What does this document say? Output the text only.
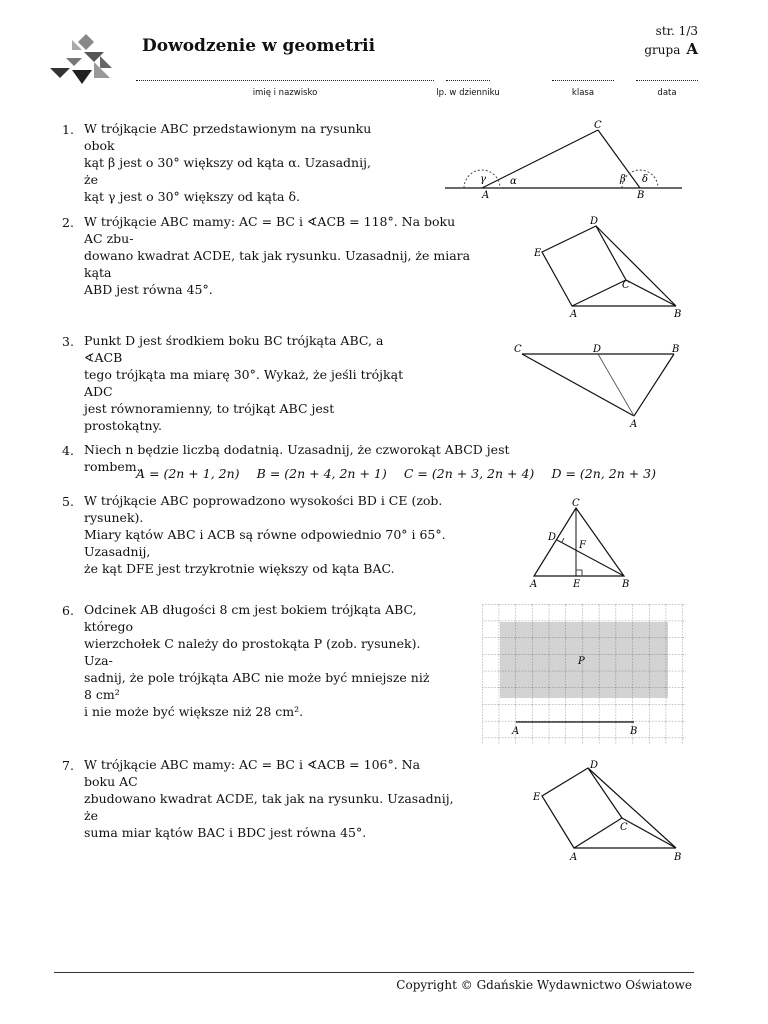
Dowodzenie w geometrii
str. 1/3
grupa A
imię i nazwisko	lp. w dzienniku	klasa	data
1. W trójkącie ABC przedstawionym na rysunku obok
kąt β jest o 30° większy od kąta α. Uzasadnij, że
kąt γ jest o 30° większy od kąta δ.
2. W trójkącie ABC mamy: AC = BC i ∢ACB = 118°. Na boku AC zbu-
dowano kwadrat ACDE, tak jak rysunku. Uzasadnij, że miara kąta
ABD jest równa 45°.
3. Punkt D jest środkiem boku BC trójkąta ABC, a ∢ACB
tego trójkąta ma miarę 30°. Wykaż, że jeśli trójkąt ADC
jest równoramienny, to trójkąt ABC jest prostokątny.
4. Niech n będzie liczbą dodatnią. Uzasadnij, że czworokąt ABCD jest rombem.
A = (2n + 1, 2n) B = (2n + 4, 2n + 1) C = (2n + 3, 2n + 4) D = (2n, 2n + 3)
5. W trójkącie ABC poprowadzono wysokości BD i CE (zob. rysunek).
Miary kątów ABC i ACB są równe odpowiednio 70° i 65°. Uzasadnij,
że kąt DFE jest trzykrotnie większy od kąta BAC.
6. Odcinek AB długości 8 cm jest bokiem trójkąta ABC, którego
wierzchołek C należy do prostokąta P (zob. rysunek). Uza-
sadnij, że pole trójkąta ABC nie może być mniejsze niż 8 cm²
i nie może być większe niż 28 cm².
7. W trójkącie ABC mamy: AC = BC i ∢ACB = 106°. Na boku AC
zbudowano kwadrat ACDE, tak jak na rysunku. Uzasadnij, że
suma miar kątów BAC i BDC jest równa 45°.
C
γ α	β δ
A	B
D
E
C
A	B
C	D	B
A
C
D
F
A	E	B
P
A	B
D
E
C
A	B
Copyright © Gdańskie Wydawnictwo Oświatowe
